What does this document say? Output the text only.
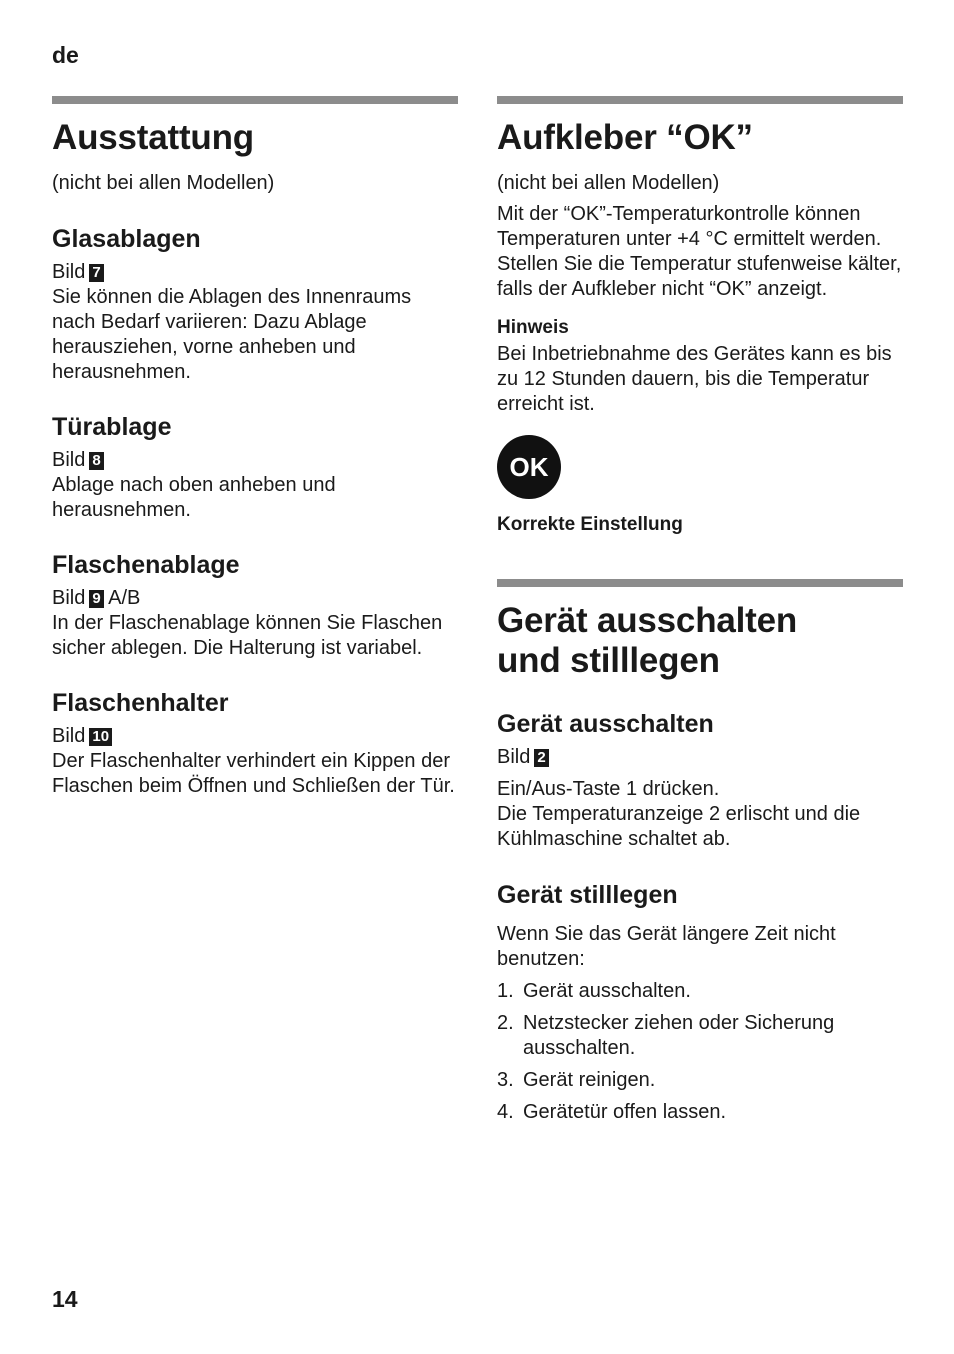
de
Ausstattung

(nicht bei allen Modellen)

Glasablagen

Bild 7

Sie können die Ablagen des Innenraums nach Bedarf variieren: Dazu Ablage herausziehen, vorne anheben und herausnehmen.

Türablage

Bild 8

Ablage nach oben anheben und herausnehmen.

Flaschenablage

Bild 9 A/B

In der Flaschenablage können Sie Flaschen sicher ablegen. Die Halterung ist variabel.

Flaschenhalter

Bild 10

Der Flaschenhalter verhindert ein Kippen der Flaschen beim Öffnen und Schließen der Tür.

Aufkleber “OK”

(nicht bei allen Modellen)

Mit der “OK”-Temperaturkontrolle können Temperaturen unter +4 °C ermittelt werden. Stellen Sie die Temperatur stufenweise kälter, falls der Aufkleber nicht “OK” anzeigt.

Hinweis

Bei Inbetriebnahme des Gerätes kann es bis zu 12 Stunden dauern, bis die Temperatur erreicht ist.

OK

Korrekte Einstellung

Gerät ausschalten
und stilllegen
Gerät ausschalten

Bild 2

Ein/Aus-Taste 1 drücken.

Die Temperaturanzeige 2 erlischt und die Kühlmaschine schaltet ab.

Gerät stilllegen

Wenn Sie das Gerät längere Zeit nicht benutzen:

1. Gerät ausschalten.
2. Netzstecker ziehen oder Sicherung ausschalten.
3. Gerät reinigen.
4. Gerätetür offen lassen.
14
